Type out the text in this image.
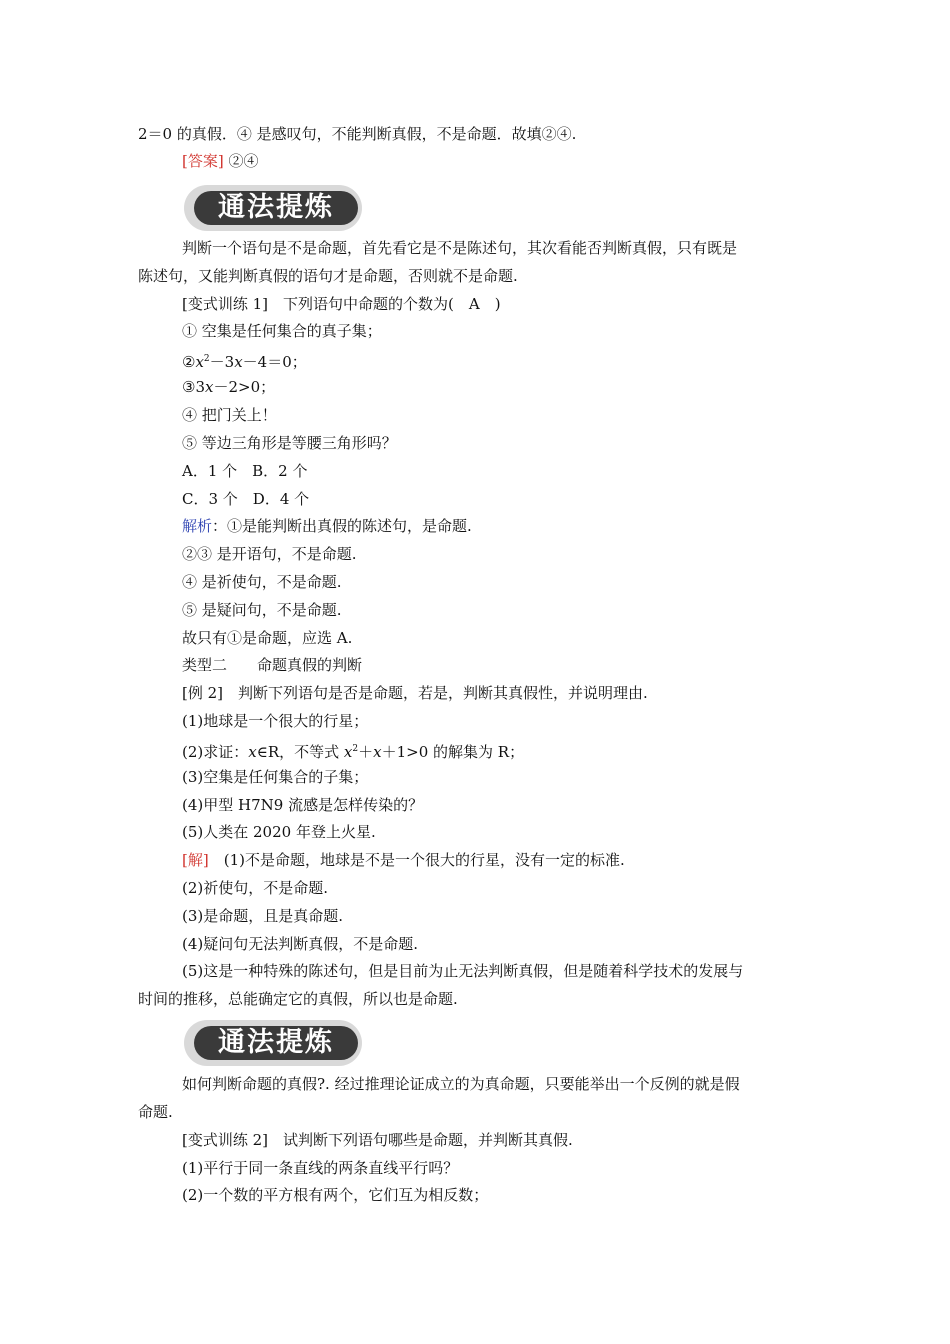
2＝0 的真假．④ 是感叹句，不能判断真假，不是命题．故填②④.
[答案] ②④
通法提炼
判断一个语句是不是命题，首先看它是不是陈述句，其次看能否判断真假，只有既是
陈述句，又能判断真假的语句才是命题，否则就不是命题.
[变式训练 1]　下列语句中命题的个数为(　A　)
① 空集是任何集合的真子集；
$②x^2-3x-4=0$；
③3x－2>0；
④ 把门关上！
⑤ 等边三角形是等腰三角形吗？
A．1 个　B．2 个
C．3 个　D．4 个
解析：①是能判断出真假的陈述句，是命题.
②③ 是开语句，不是命题.
④ 是祈使句，不是命题.
⑤ 是疑问句，不是命题.
故只有①是命题，应选 A.
类型二　　命题真假的判断
[例 2]　判断下列语句是否是命题，若是，判断其真假性，并说明理由.
(1)地球是一个很大的行星；
(2)求证：x∈R，不等式 $x^2+x+1>0$ 的解集为 R；
(3)空集是任何集合的子集；
(4)甲型 H7N9 流感是怎样传染的？
(5)人类在 2020 年登上火星.
[解]　(1)不是命题，地球是不是一个很大的行星，没有一定的标准.
(2)祈使句，不是命题.
(3)是命题，且是真命题.
(4)疑问句无法判断真假，不是命题.
(5)这是一种特殊的陈述句，但是目前为止无法判断真假，但是随着科学技术的发展与
时间的推移，总能确定它的真假，所以也是命题.
通法提炼
如何判断命题的真假?. 经过推理论证成立的为真命题，只要能举出一个反例的就是假
命题.
[变式训练 2]　试判断下列语句哪些是命题，并判断其真假.
(1)平行于同一条直线的两条直线平行吗？
(2)一个数的平方根有两个，它们互为相反数；
